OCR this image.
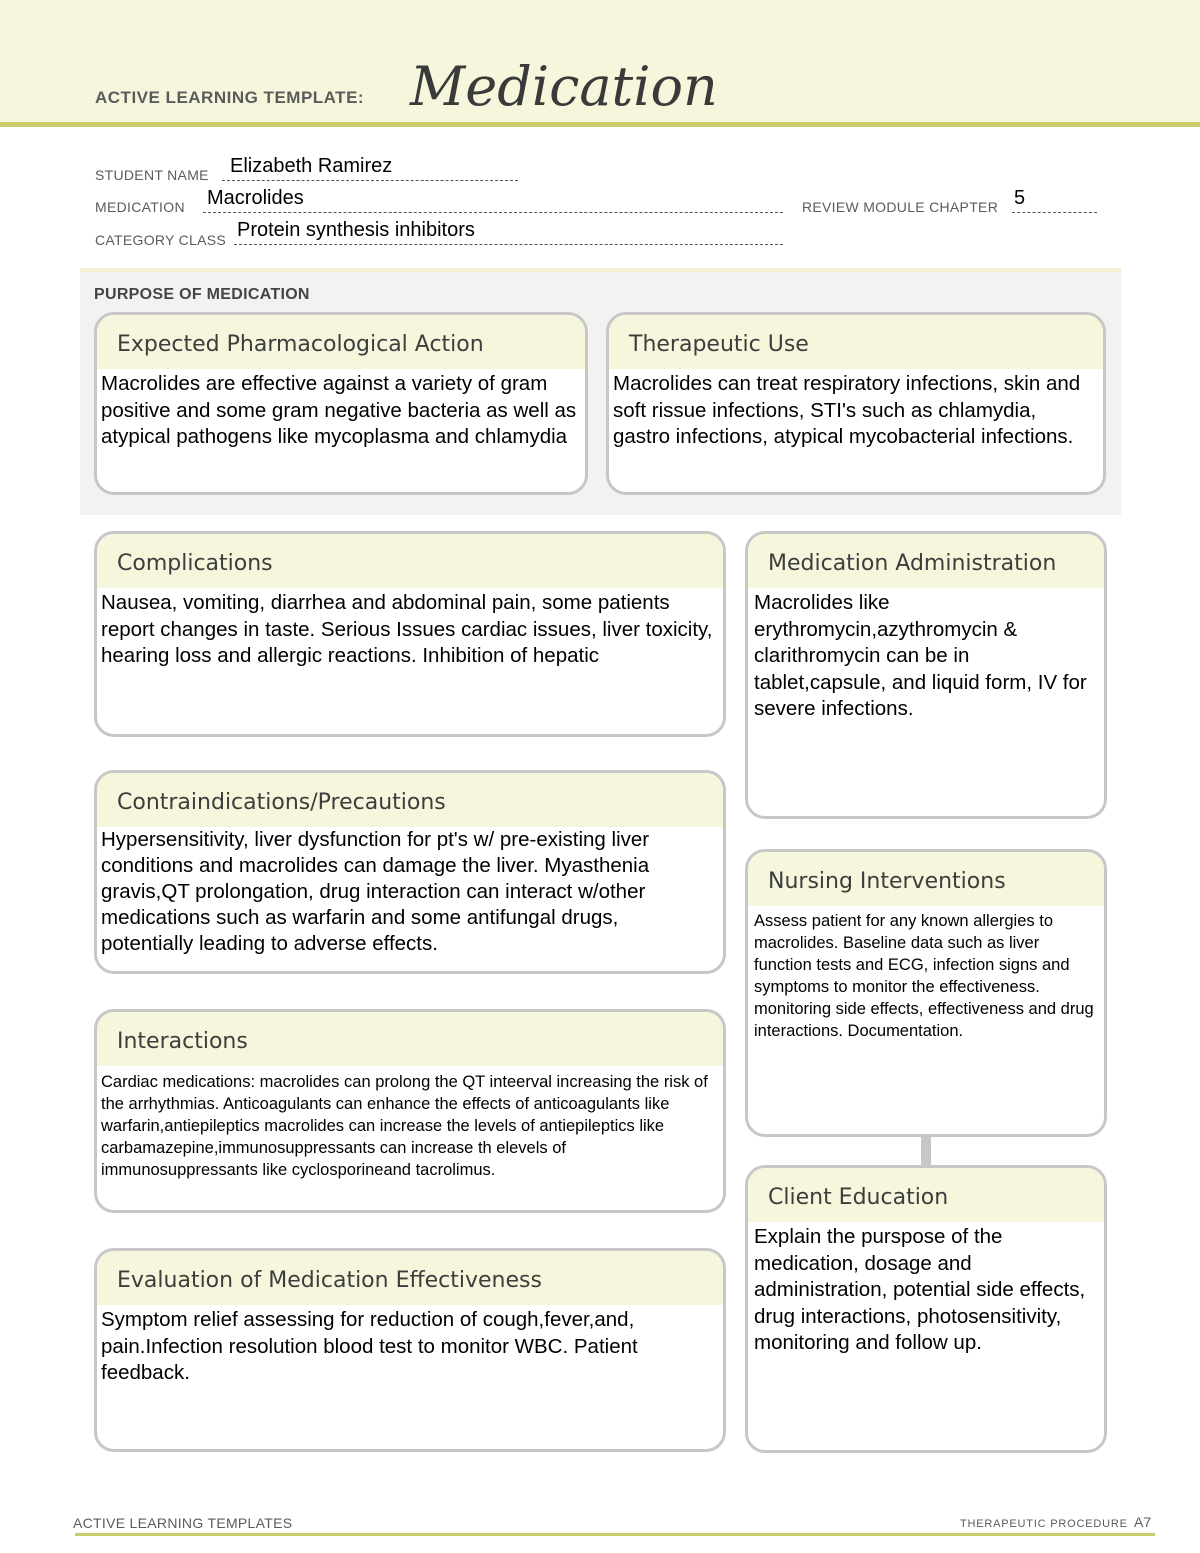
ACTIVE LEARNING TEMPLATE: Medication
STUDENT NAME Elizabeth Ramirez
MEDICATION Macrolides	REVIEW MODULE CHAPTER 5
CATEGORY CLASS Protein synthesis inhibitors
PURPOSE OF MEDICATION
Expected Pharmacological Action
Macrolides are effective against a variety of gram positive and some gram negative bacteria as well as atypical pathogens like mycoplasma and chlamydia
Therapeutic Use
Macrolides can treat respiratory infections, skin and soft rissue infections, STI's such as chlamydia, gastro infections, atypical mycobacterial infections.
Complications
Nausea, vomiting, diarrhea and abdominal pain, some patients report changes in taste. Serious Issues cardiac issues, liver toxicity, hearing loss and allergic reactions. Inhibition of hepatic
Contraindications/Precautions
Hypersensitivity, liver dysfunction for pt's w/ pre-existing liver conditions and macrolides can damage the liver. Myasthenia gravis,QT prolongation, drug interaction can interact w/other medications such as warfarin and some antifungal drugs, potentially leading to adverse effects.
Interactions
Cardiac medications: macrolides can prolong the QT inteerval increasing the risk of the arrhythmias. Anticoagulants can enhance the effects of anticoagulants like warfarin,antiepileptics macrolides can increase the levels of antiepileptics like carbamazepine,immunosuppressants can increase th elevels of immunosuppressants like cyclosporineand tacrolimus.
Evaluation of Medication Effectiveness
Symptom relief assessing for reduction of cough,fever,and, pain.Infection resolution blood test to monitor WBC. Patient feedback.
Medication Administration
Macrolides like erythromycin,azythromycin & clarithromycin can be in tablet,capsule, and liquid form, IV for severe infections.
Nursing Interventions
Assess patient for any known allergies to macrolides. Baseline data such as liver function tests and ECG, infection signs and symptoms to monitor the effectiveness. monitoring side effects, effectiveness and drug interactions. Documentation.
Client Education
Explain the purspose of the medication, dosage and administration, potential side effects, drug interactions, photosensitivity, monitoring and follow up.
ACTIVE LEARNING TEMPLATES	THERAPEUTIC PROCEDURE A7
